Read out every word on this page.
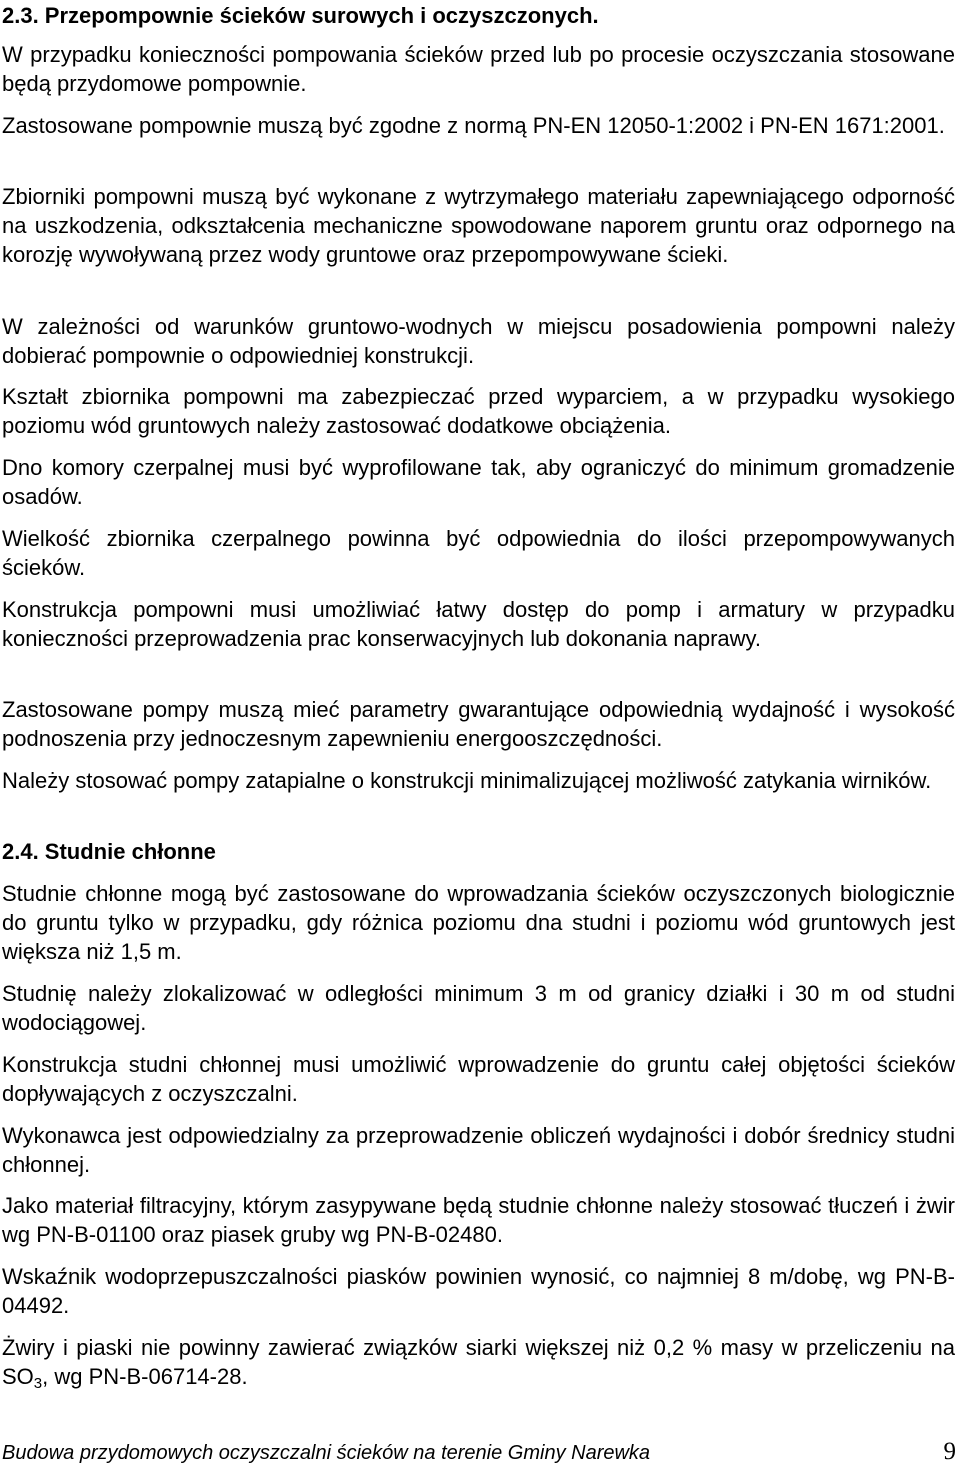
2.3. Przepompownie ścieków surowych i oczyszczonych.

W przypadku konieczności pompowania ścieków przed lub po procesie oczyszczania stosowane będą przydomowe pompownie.

Zastosowane pompownie muszą być zgodne z normą PN-EN 12050-1:2002 i PN-EN 1671:2001.

Zbiorniki pompowni muszą być wykonane z wytrzymałego materiału zapewniającego odporność na uszkodzenia, odkształcenia mechaniczne spowodowane naporem gruntu oraz odpornego na korozję wywoływaną przez wody gruntowe oraz przepompowywane ścieki.

W zależności od warunków gruntowo-wodnych w miejscu posadowienia pompowni należy dobierać pompownie o odpowiedniej konstrukcji.

Kształt zbiornika pompowni ma zabezpieczać przed wyparciem, a w przypadku wysokiego poziomu wód gruntowych należy zastosować dodatkowe obciążenia.

Dno komory czerpalnej musi być wyprofilowane tak, aby ograniczyć do minimum gromadzenie osadów.

Wielkość zbiornika czerpalnego powinna być odpowiednia do ilości przepompowywanych ścieków.

Konstrukcja pompowni musi umożliwiać łatwy dostęp do pomp i armatury w przypadku konieczności przeprowadzenia prac konserwacyjnych lub dokonania naprawy.

Zastosowane pompy muszą mieć parametry gwarantujące odpowiednią wydajność i wysokość podnoszenia przy jednoczesnym zapewnieniu energooszczędności.

Należy stosować pompy zatapialne o konstrukcji minimalizującej możliwość zatykania wirników.

2.4. Studnie chłonne

Studnie chłonne mogą być zastosowane do wprowadzania ścieków oczyszczonych biologicznie do gruntu tylko w przypadku, gdy różnica poziomu dna studni i poziomu wód gruntowych jest większa niż 1,5 m.

Studnię należy zlokalizować w odległości minimum 3 m od granicy działki i 30 m od studni wodociągowej.

Konstrukcja studni chłonnej musi umożliwić wprowadzenie do gruntu całej objętości ścieków dopływających z oczyszczalni.

Wykonawca jest odpowiedzialny za przeprowadzenie obliczeń wydajności i dobór średnicy studni chłonnej.

Jako materiał filtracyjny, którym zasypywane będą studnie chłonne należy stosować tłuczeń i żwir wg PN-B-01100 oraz piasek gruby wg PN-B-02480.

Wskaźnik wodoprzepuszczalności piasków powinien wynosić, co najmniej 8 m/dobę, wg PN-B-04492.

Żwiry i piaski nie powinny zawierać związków siarki większej niż 0,2 % masy w przeliczeniu na $SO_3$, wg PN-B-06714-28.

Budowa przydomowych oczyszczalni ścieków na terenie Gminy Narewka	9
